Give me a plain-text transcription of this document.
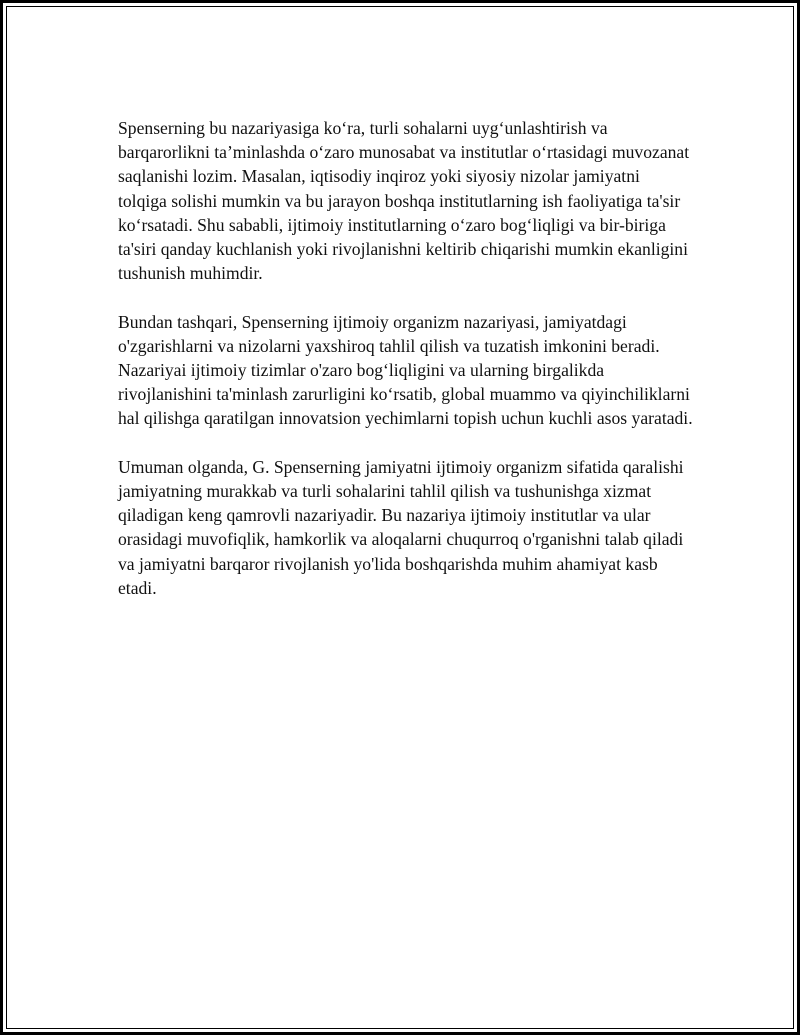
Spenserning bu nazariyasiga ko‘ra, turli sohalarni uyg‘unlashtirish va barqarorlikni ta’minlashda o‘zaro munosabat va institutlar o‘rtasidagi muvozanat saqlanishi lozim. Masalan, iqtisodiy inqiroz yoki siyosiy nizolar jamiyatni tolqiga solishi mumkin va bu jarayon boshqa institutlarning ish faoliyatiga ta'sir ko‘rsatadi. Shu sababli, ijtimoiy institutlarning o‘zaro bog‘liqligi va bir-biriga ta'siri qanday kuchlanish yoki rivojlanishni keltirib chiqarishi mumkin ekanligini tushunish muhimdir.

Bundan tashqari, Spenserning ijtimoiy organizm nazariyasi, jamiyatdagi o'zgarishlarni va nizolarni yaxshiroq tahlil qilish va tuzatish imkonini beradi. Nazariyai ijtimoiy tizimlar o'zaro bog‘liqligini va ularning birgalikda rivojlanishini ta'minlash zarurligini ko‘rsatib, global muammo va qiyinchiliklarni hal qilishga qaratilgan innovatsion yechimlarni topish uchun kuchli asos yaratadi.

Umuman olganda, G. Spenserning jamiyatni ijtimoiy organizm sifatida qaralishi jamiyatning murakkab va turli sohalarini tahlil qilish va tushunishga xizmat qiladigan keng qamrovli nazariyadir. Bu nazariya ijtimoiy institutlar va ular orasidagi muvofiqlik, hamkorlik va aloqalarni chuqurroq o'rganishni talab qiladi va jamiyatni barqaror rivojlanish yo'lida boshqarishda muhim ahamiyat kasb etadi.
